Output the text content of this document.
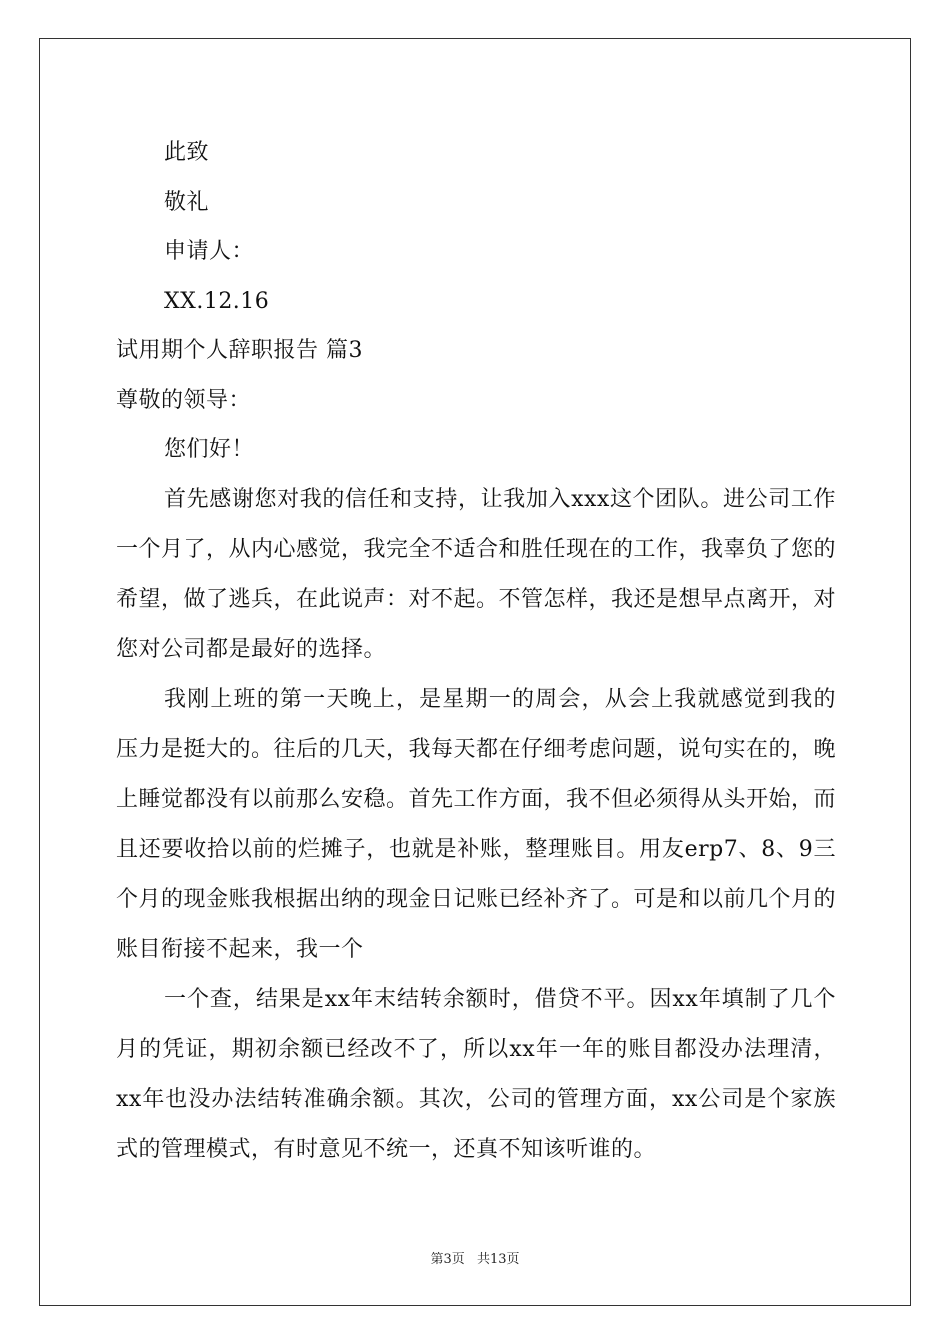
此致
敬礼
申请人：
XX.12.16
试用期个人辞职报告 篇3
尊敬的领导：
您们好！

首先感谢您对我的信任和支持，让我加入xxx这个团队。进公司工作一个月了，从内心感觉，我完全不适合和胜任现在的工作，我辜负了您的希望，做了逃兵，在此说声：对不起。不管怎样，我还是想早点离开，对您对公司都是最好的选择。

我刚上班的第一天晚上，是星期一的周会，从会上我就感觉到我的压力是挺大的。往后的几天，我每天都在仔细考虑问题，说句实在的，晚上睡觉都没有以前那么安稳。首先工作方面，我不但必须得从头开始，而且还要收拾以前的烂摊子，也就是补账，整理账目。用友erp7、8、9三个月的现金账我根据出纳的现金日记账已经补齐了。可是和以前几个月的账目衔接不起来，我一个

一个查，结果是xx年末结转余额时，借贷不平。因xx年填制了几个月的凭证，期初余额已经改不了，所以xx年一年的账目都没办法理清，xx年也没办法结转准确余额。其次，公司的管理方面，xx公司是个家族式的管理模式，有时意见不统一，还真不知该听谁的。

第3页 共13页
